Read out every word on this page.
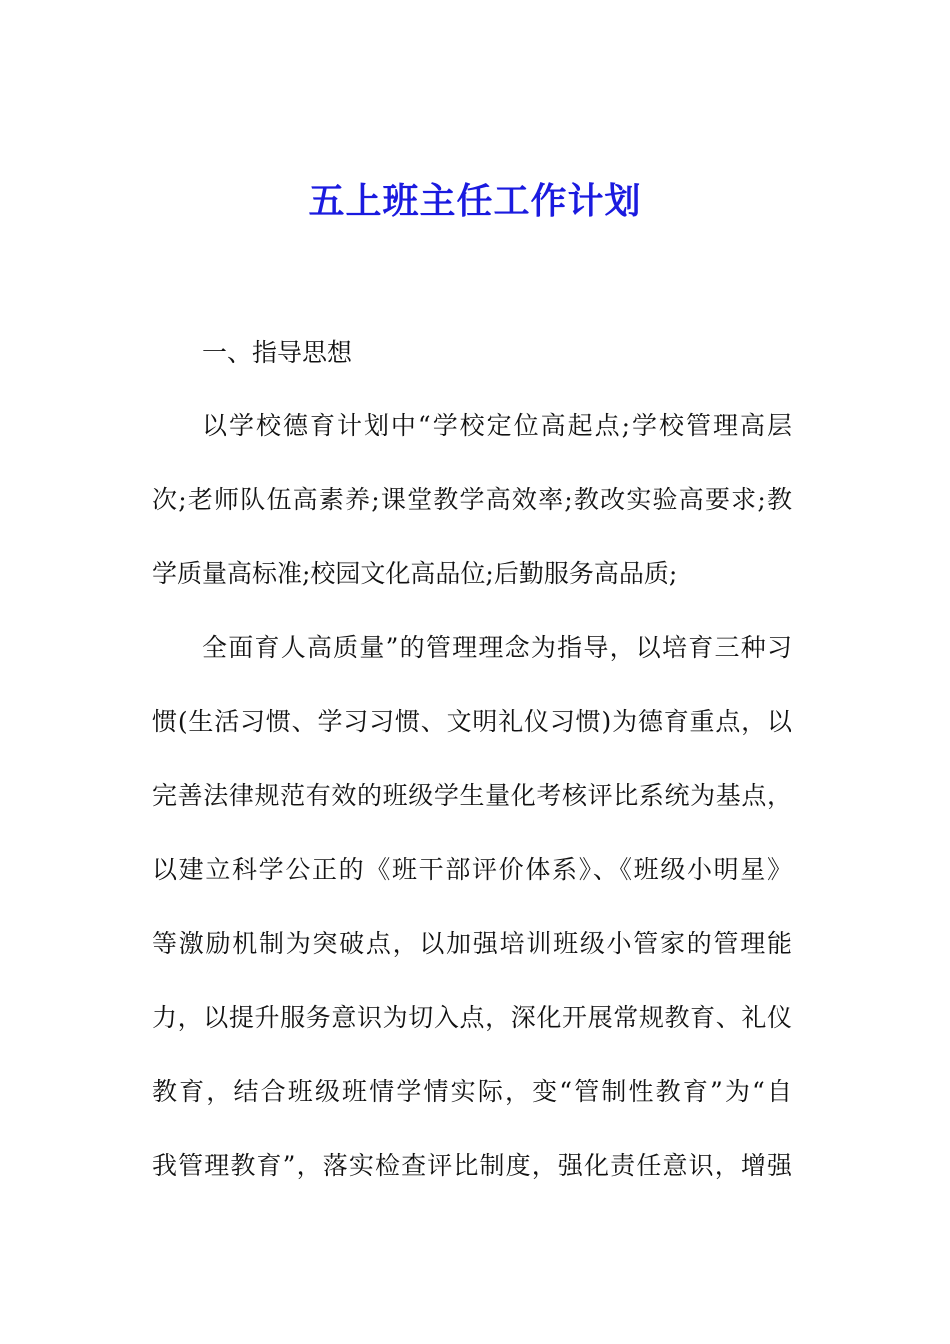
五上班主任工作计划
一、指导思想
以学校德育计划中“学校定位高起点;学校管理高层
次;老师队伍高素养;课堂教学高效率;教改实验高要求;教
学质量高标准;校园文化高品位;后勤服务高品质;
全面育人高质量”的管理理念为指导，以培育三种习
惯(生活习惯、学习习惯、文明礼仪习惯)为德育重点，以
完善法律规范有效的班级学生量化考核评比系统为基点，
以建立科学公正的《班干部评价体系》、《班级小明星》
等激励机制为突破点，以加强培训班级小管家的管理能
力，以提升服务意识为切入点，深化开展常规教育、礼仪
教育，结合班级班情学情实际，变“管制性教育”为“自
我管理教育”，落实检查评比制度，强化责任意识，增强
